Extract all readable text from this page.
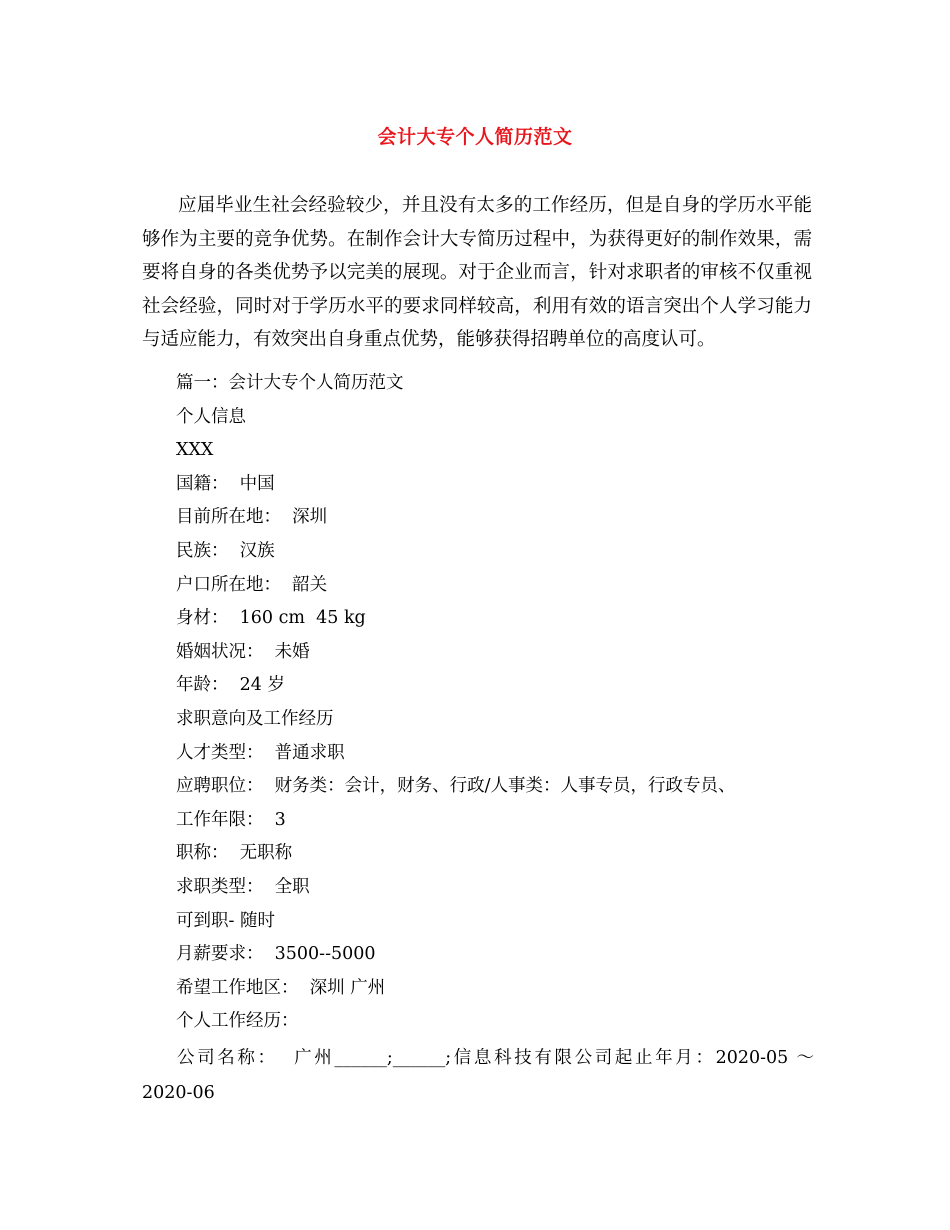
会计大专个人简历范文

应届毕业生社会经验较少，并且没有太多的工作经历，但是自身的学历水平能够作为主要的竞争优势。在制作会计大专简历过程中，为获得更好的制作效果，需要将自身的各类优势予以完美的展现。对于企业而言，针对求职者的审核不仅重视社会经验，同时对于学历水平的要求同样较高，利用有效的语言突出个人学习能力与适应能力，有效突出自身重点优势，能够获得招聘单位的高度认可。

篇一：会计大专个人简历范文
个人信息
XXX
国籍：  中国
目前所在地：  深圳
民族：  汉族
户口所在地：  韶关
身材：  160 cm  45 kg
婚姻状况：  未婚
年龄：  24 岁
求职意向及工作经历
人才类型：  普通求职
应聘职位：  财务类：会计，财务、行政/人事类：人事专员，行政专员、
工作年限：  3
职称：  无职称
求职类型：  全职
可到职- 随时
月薪要求：  3500--5000
希望工作地区：  深圳 广州
个人工作经历：

公司名称：  广州______;______;信息科技有限公司起止年月：2020-05 ～
2020-06
